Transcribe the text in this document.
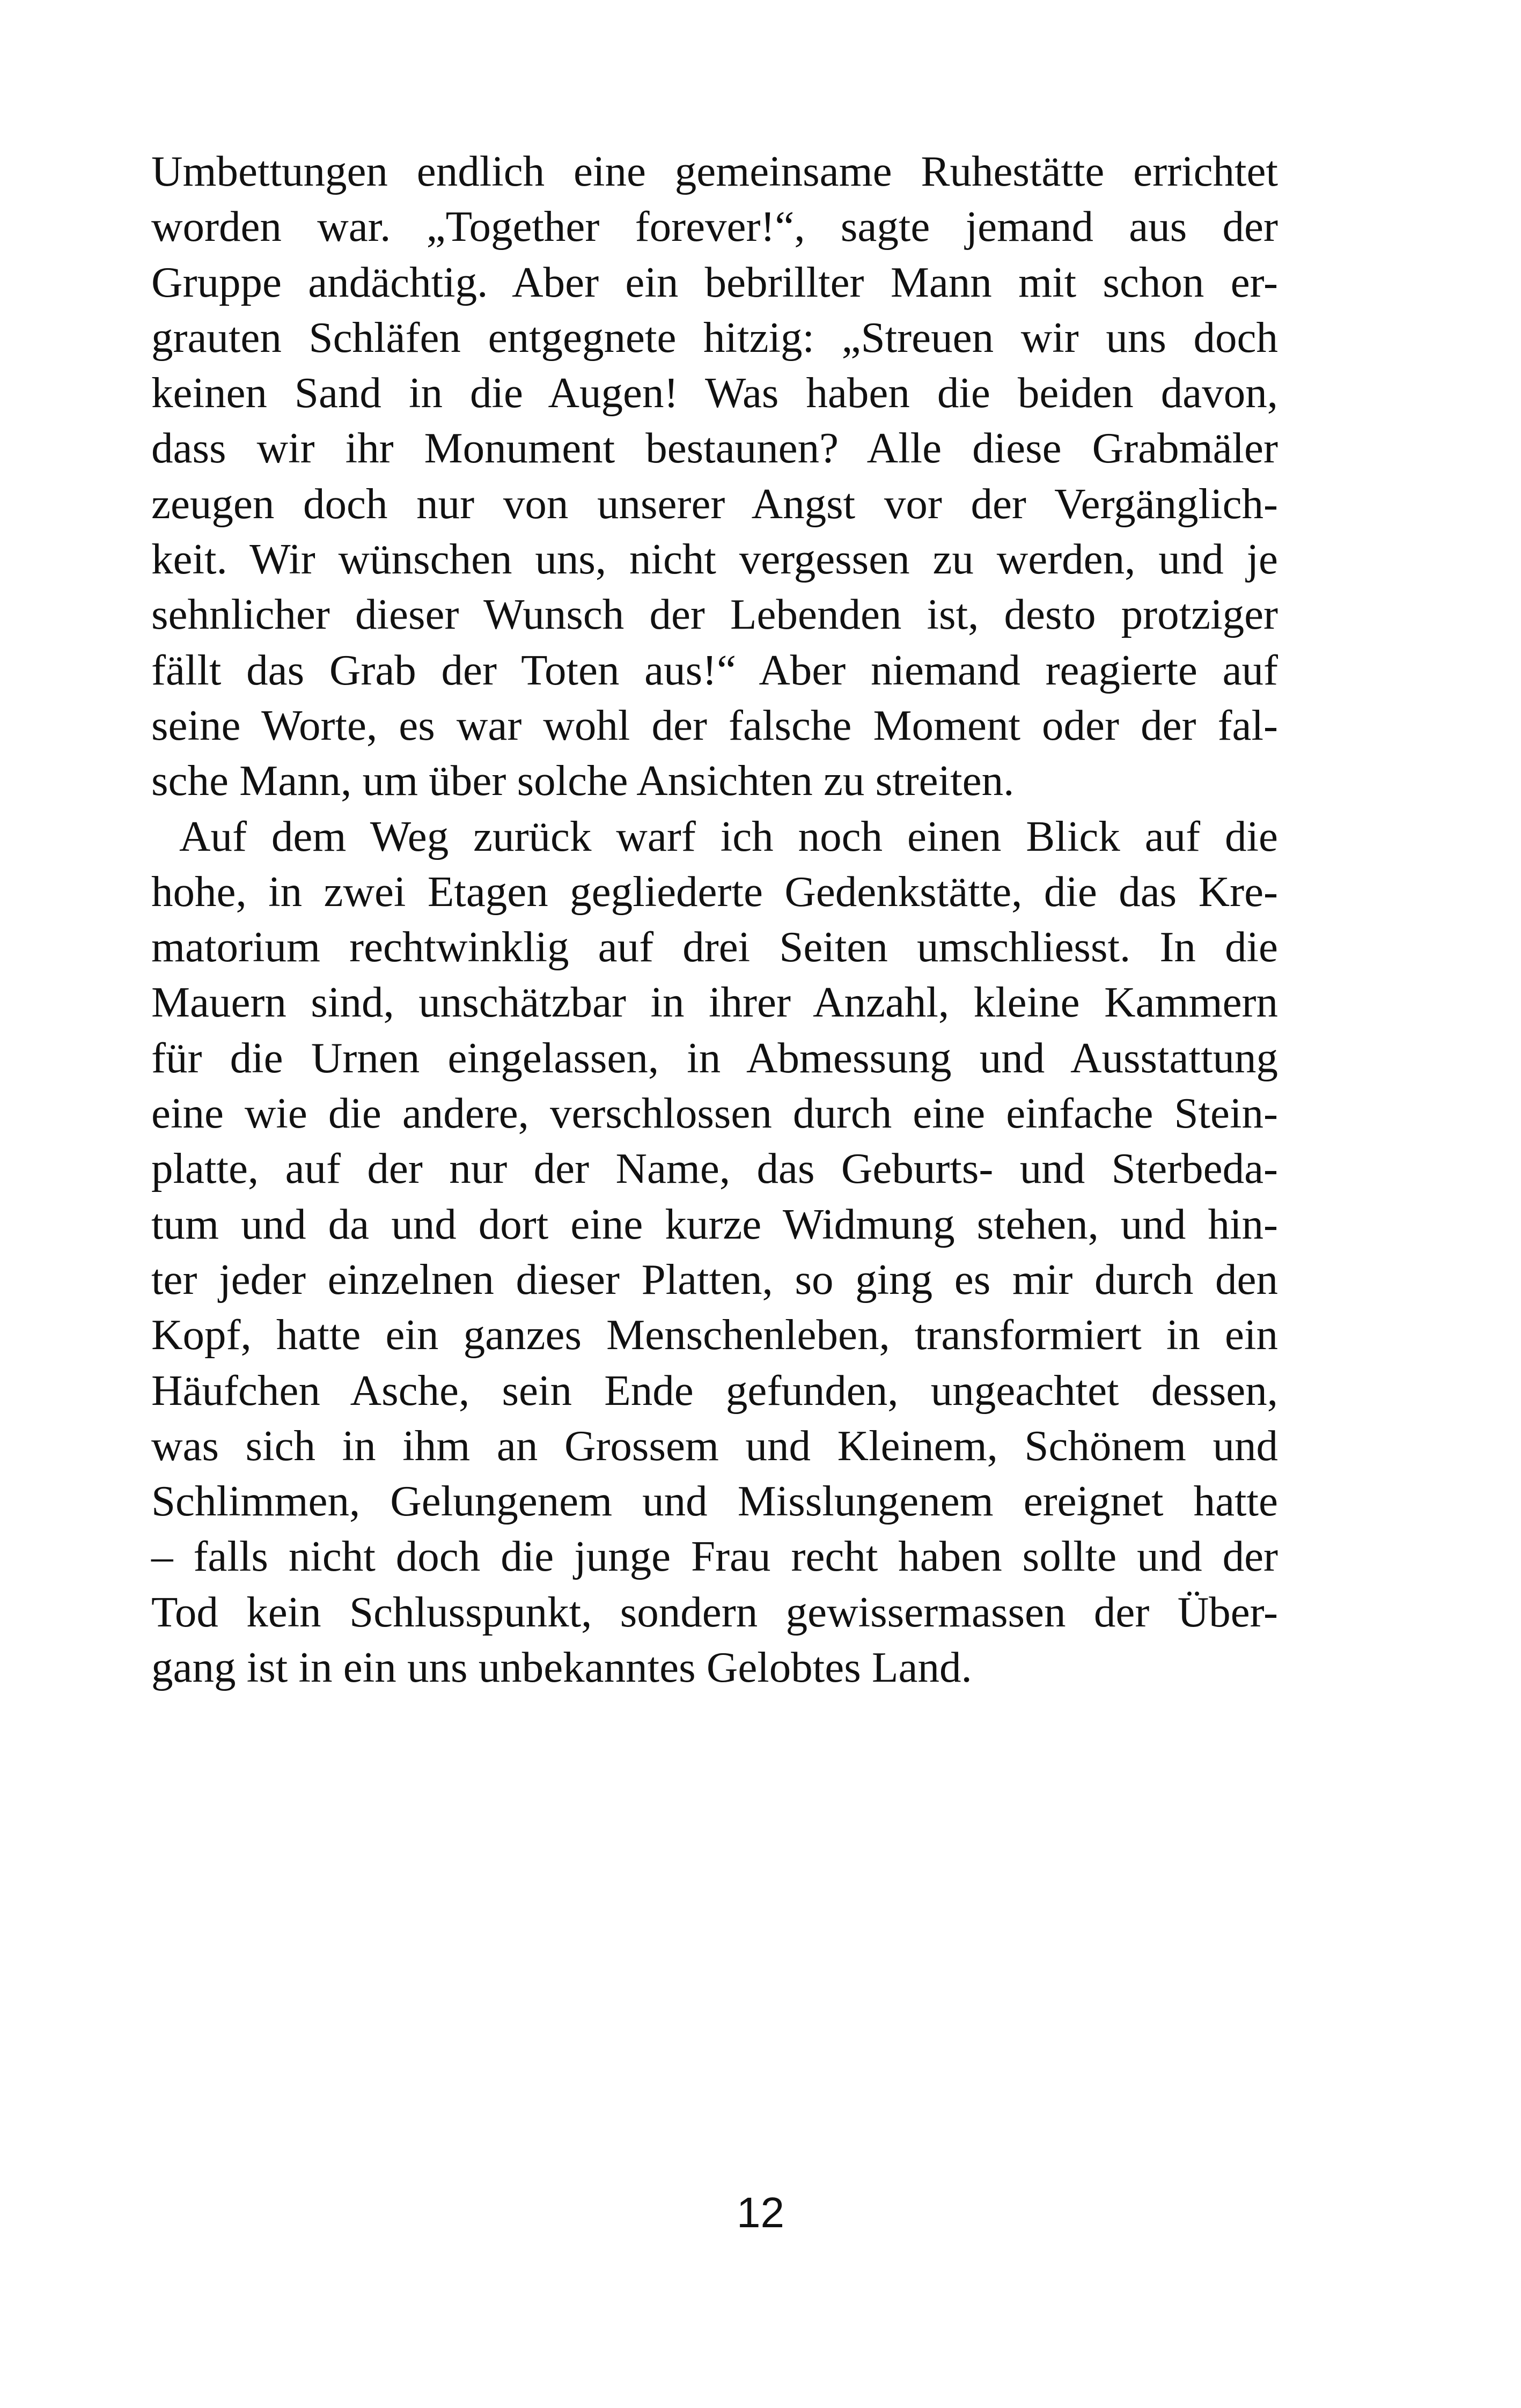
Umbettungen endlich eine gemeinsame Ruhestätte errichtet
worden war. „Together forever!“, sagte jemand aus der
Gruppe andächtig. Aber ein bebrillter Mann mit schon er-
grauten Schläfen entgegnete hitzig: „Streuen wir uns doch
keinen Sand in die Augen! Was haben die beiden davon,
dass wir ihr Monument bestaunen? Alle diese Grabmäler
zeugen doch nur von unserer Angst vor der Vergänglich-
keit. Wir wünschen uns, nicht vergessen zu werden, und je
sehnlicher dieser Wunsch der Lebenden ist, desto protziger
fällt das Grab der Toten aus!“ Aber niemand reagierte auf
seine Worte, es war wohl der falsche Moment oder der fal-
sche Mann, um über solche Ansichten zu streiten.
Auf dem Weg zurück warf ich noch einen Blick auf die
hohe, in zwei Etagen gegliederte Gedenkstätte, die das Kre-
matorium rechtwinklig auf drei Seiten umschliesst. In die
Mauern sind, unschätzbar in ihrer Anzahl, kleine Kammern
für die Urnen eingelassen, in Abmessung und Ausstattung
eine wie die andere, verschlossen durch eine einfache Stein-
platte, auf der nur der Name, das Geburts- und Sterbeda-
tum und da und dort eine kurze Widmung stehen, und hin-
ter jeder einzelnen dieser Platten, so ging es mir durch den
Kopf, hatte ein ganzes Menschenleben, transformiert in ein
Häufchen Asche, sein Ende gefunden, ungeachtet dessen,
was sich in ihm an Grossem und Kleinem, Schönem und
Schlimmen, Gelungenem und Misslungenem ereignet hatte
– falls nicht doch die junge Frau recht haben sollte und der
Tod kein Schlusspunkt, sondern gewissermassen der Über-
gang ist in ein uns unbekanntes Gelobtes Land.
12
